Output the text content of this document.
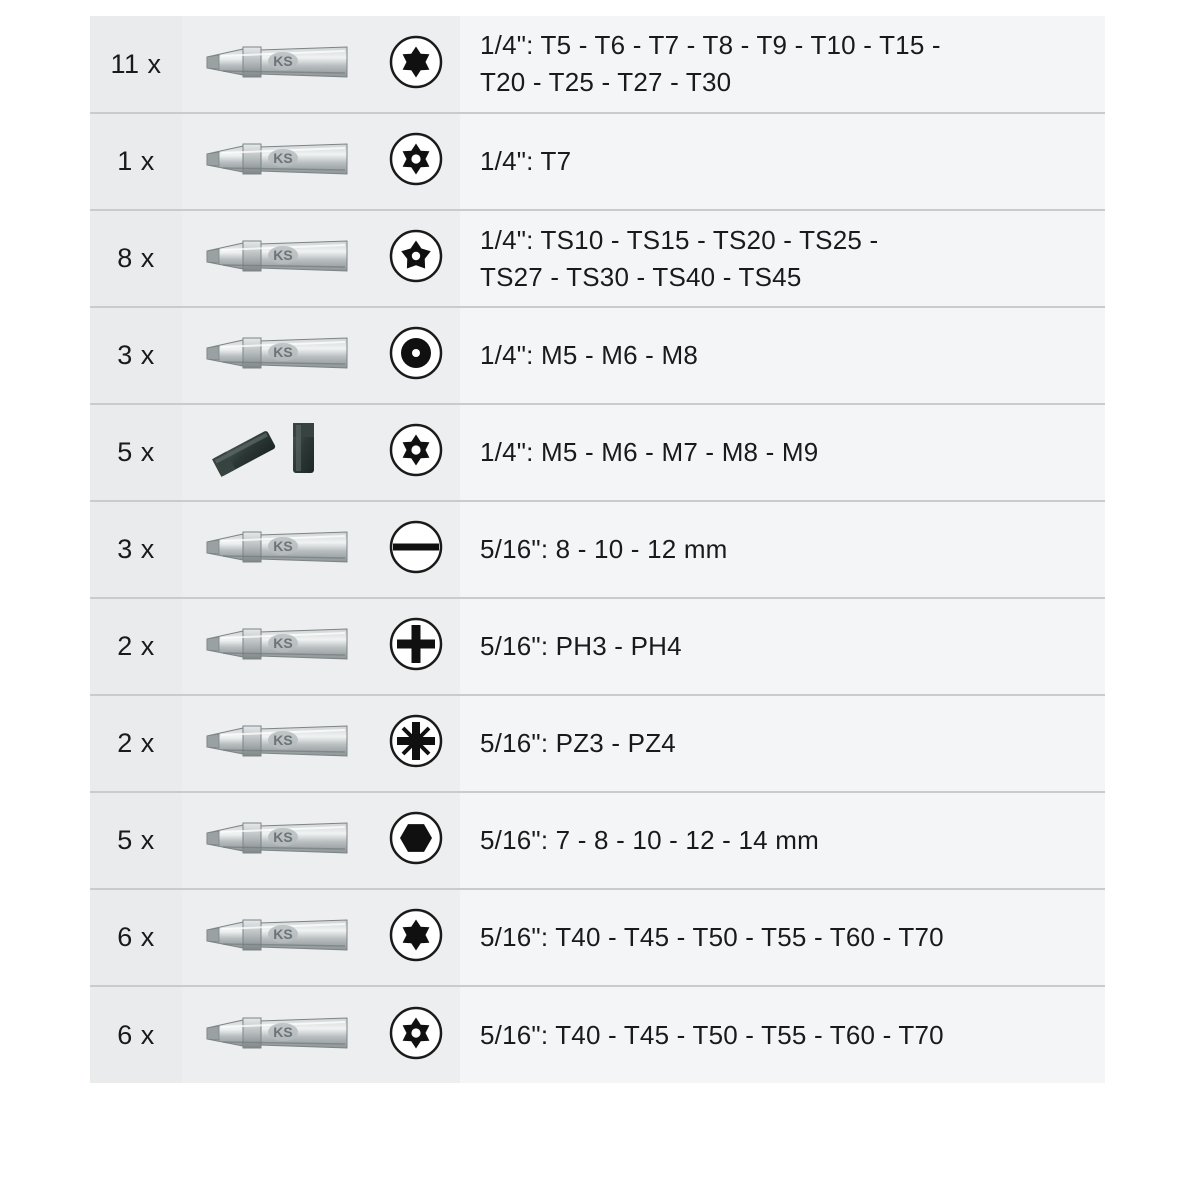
11 x	KS		1/4": T5 - T6 - T7 - T8 - T9 - T10 - T15 -
T20 - T25 - T27 - T30

1 x	KS		1/4": T7

8 x	KS		1/4": TS10 - TS15 - TS20 - TS25 -
TS27 - TS30 - TS40 - TS45

3 x	KS		1/4": M5 - M6 - M8

5 x			1/4": M5 - M6 - M7 - M8 - M9

3 x	KS		5/16": 8 - 10 - 12 mm

2 x	KS		5/16": PH3 - PH4

2 x	KS		5/16": PZ3 - PZ4

5 x	KS		5/16": 7 - 8 - 10 - 12 - 14 mm

6 x	KS		5/16": T40 - T45 - T50 - T55 - T60 - T70

6 x	KS		5/16": T40 - T45 - T50 - T55 - T60 - T70
